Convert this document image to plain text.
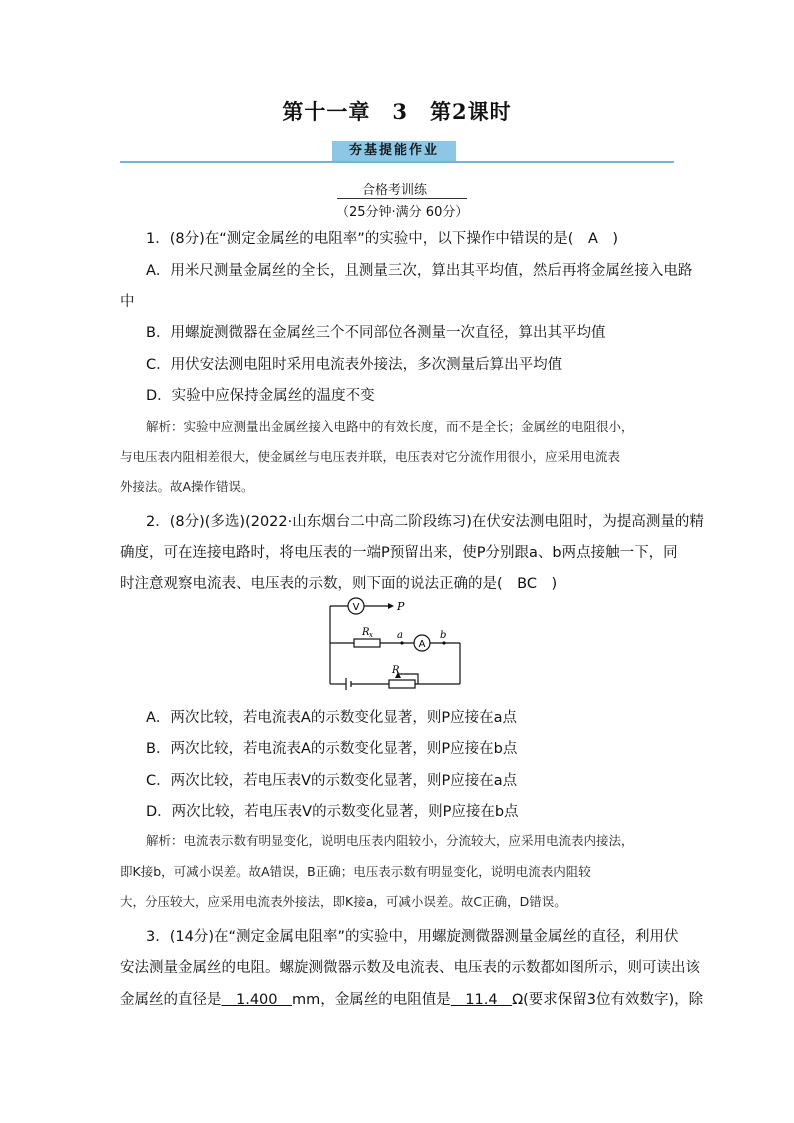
第十一章　3　第2课时
夯基提能作业
合格考训练
（25分钟·满分 60分）
1．(8分)在“测定金属丝的电阻率”的实验中，以下操作中错误的是(　A　)
A．用米尺测量金属丝的全长，且测量三次，算出其平均值，然后再将金属丝接入电路
中
B．用螺旋测微器在金属丝三个不同部位各测量一次直径，算出其平均值
C．用伏安法测电阻时采用电流表外接法，多次测量后算出平均值
D．实验中应保持金属丝的温度不变
解析：实验中应测量出金属丝接入电路中的有效长度，而不是全长；金属丝的电阻很小，
与电压表内阻相差很大，使金属丝与电压表并联，电压表对它分流作用很小，应采用电流表
外接法。故A操作错误。
2．(8分)(多选)(2022·山东烟台二中高二阶段练习)在伏安法测电阻时，为提高测量的精
确度，可在连接电路时，将电压表的一端P预留出来，使P分别跟a、b两点接触一下，同
时注意观察电流表、电压表的示数，则下面的说法正确的是(　BC　)
V
A
P
R x
R
a	b
A．两次比较，若电流表A的示数变化显著，则P应接在a点
B．两次比较，若电流表A的示数变化显著，则P应接在b点
C．两次比较，若电压表V的示数变化显著，则P应接在a点
D．两次比较，若电压表V的示数变化显著，则P应接在b点
解析：电流表示数有明显变化，说明电压表内阻较小，分流较大，应采用电流表内接法，
即K接b，可减小误差。故A错误，B正确；电压表示数有明显变化，说明电流表内阻较
大，分压较大，应采用电流表外接法，即K接a，可减小误差。故C正确，D错误。
3．(14分)在“测定金属电阻率”的实验中，用螺旋测微器测量金属丝的直径，利用伏
安法测量金属丝的电阻。螺旋测微器示数及电流表、电压表的示数都如图所示，则可读出该
金属丝的直径是　1.400　mm，金属丝的电阻值是　11.4　Ω(要求保留3位有效数字)，除
